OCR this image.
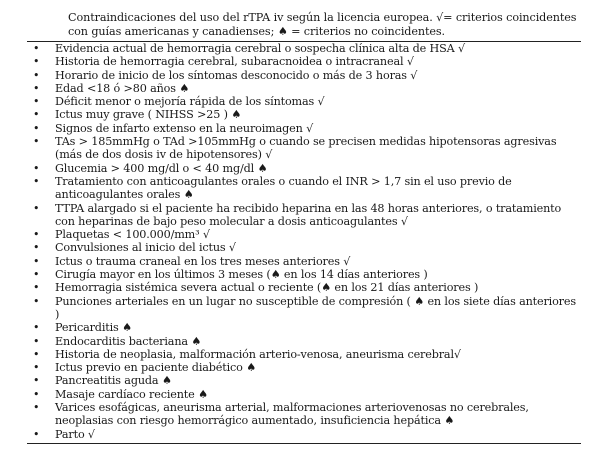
Contraindicaciones del uso del rTPA iv según la licencia europea. √= criterios coincidentes con guías americanas y canadienses; ♠ = criterios no coincidentes.
• Evidencia actual de hemorragia cerebral o sospecha clínica alta de HSA √
• Historia de hemorragia cerebral, subaracnoidea o intracraneal √
• Horario de inicio de los síntomas desconocido o más de 3 horas √
• Edad <18 ó >80 años ♠
• Déficit menor o mejoría rápida de los síntomas √
• Ictus muy grave ( NIHSS >25 ) ♠
• Signos de infarto extenso en la neuroimagen √
• TAs > 185mmHg o TAd >105mmHg o cuando se precisen medidas hipotensoras agresivas (más de dos dosis iv de hipotensores) √
• Glucemia > 400 mg/dl o < 40 mg/dl ♠
• Tratamiento con anticoagulantes orales o cuando el INR > 1,7 sin el uso previo de anticoagulantes orales ♠
• TTPA alargado si el paciente ha recibido heparina en las 48 horas anteriores, o tratamiento con heparinas de bajo peso molecular a dosis anticoagulantes √
• Plaquetas < 100.000/mm³ √
• Convulsiones al inicio del ictus √
• Ictus o trauma craneal en los tres meses anteriores √
• Cirugía mayor en los últimos 3 meses (♠ en los 14 días anteriores )
• Hemorragia sistémica severa actual o reciente (♠ en los 21 días anteriores )
• Punciones arteriales en un lugar no susceptible de compresión ( ♠ en los siete días anteriores )
• Pericarditis ♠
• Endocarditis bacteriana ♠
• Historia de neoplasia, malformación arterio-venosa, aneurisma cerebral√
• Ictus previo en paciente diabético ♠
• Pancreatitis aguda ♠
• Masaje cardíaco reciente ♠
• Varices esofágicas, aneurisma arterial, malformaciones arteriovenosas no cerebrales, neoplasias con riesgo hemorrágico aumentado, insuficiencia hepática ♠
• Parto √
